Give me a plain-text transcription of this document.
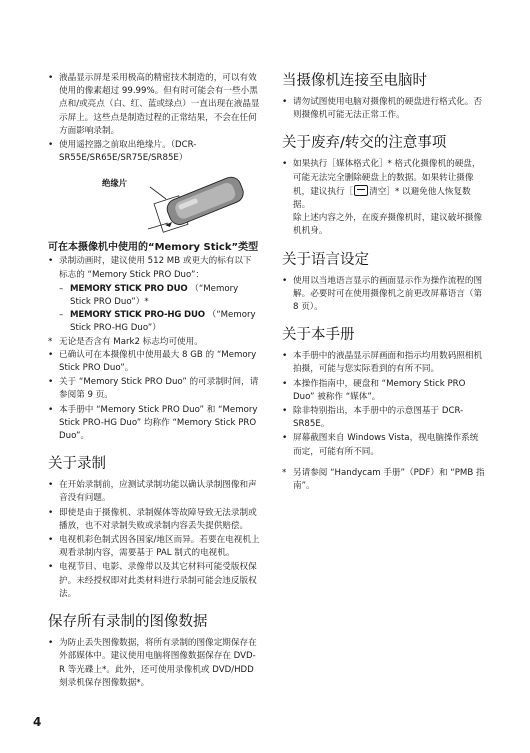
• 液晶显示屏是采用极高的精密技术制造的，可以有效使用的像素超过 99.99%。但有时可能会有一些小黑点和/或亮点（白、红、蓝或绿点）一直出现在液晶显示屏上。这些点是制造过程的正常结果，不会在任何方面影响录制。
• 使用遥控器之前取出绝缘片。（DCR-SR55E/SR65E/SR75E/SR85E）
绝缘片
可在本摄像机中使用的“Memory Stick”类型
• 录制动画时，建议使用 512 MB 或更大的标有以下标志的 “Memory Stick PRO Duo”：
– MEMORY STICK PRO DUO （“Memory Stick PRO Duo”）*
– MEMORY STICK PRO-HG DUO （“Memory Stick PRO-HG Duo”）
* 无论是否含有 Mark2 标志均可使用。
• 已确认可在本摄像机中使用最大 8 GB 的 “Memory Stick PRO Duo”。
• 关于 “Memory Stick PRO Duo” 的可录制时间，请参阅第 9 页。
• 本手册中 “Memory Stick PRO Duo” 和 “Memory Stick PRO-HG Duo” 均称作 “Memory Stick PRO Duo”。
关于录制
• 在开始录制前，应测试录制功能以确认录制图像和声音没有问题。
• 即使是由于摄像机、录制媒体等故障导致无法录制或播放，也不对录制失败或录制内容丢失提供赔偿。
• 电视机彩色制式因各国家/地区而异。若要在电视机上观看录制内容，需要基于 PAL 制式的电视机。
• 电视节目、电影、录像带以及其它材料可能受版权保护。未经授权即对此类材料进行录制可能会违反版权法。
保存所有录制的图像数据
• 为防止丢失图像数据，将所有录制的图像定期保存在外部媒体中。建议使用电脑将图像数据保存在 DVD-R 等光碟上*。此外，还可使用录像机或 DVD/HDD 刻录机保存图像数据*。
当摄像机连接至电脑时
• 请勿试图使用电脑对摄像机的硬盘进行格式化。否则摄像机可能无法正常工作。
关于废弃/转交的注意事项
• 如果执行［媒体格式化］* 格式化摄像机的硬盘，可能无法完全删除硬盘上的数据。如果转让摄像机，建议执行［ 清空］* 以避免他人恢复数据。
除上述内容之外，在废弃摄像机时，建议破坏摄像机机身。
关于语言设定
• 使用以当地语言显示的画面显示作为操作流程的图解。必要时可在使用摄像机之前更改屏幕语言（第 8 页）。
关于本手册
• 本手册中的液晶显示屏画面和指示均用数码照相机拍摄，可能与您实际看到的有所不同。
• 本操作指南中，硬盘和 “Memory Stick PRO Duo” 被称作 “媒体”。
• 除非特别指出，本手册中的示意图基于 DCR-SR85E。
• 屏幕截图来自 Windows Vista，视电脑操作系统而定，可能有所不同。
* 另请参阅 “Handycam 手册”（PDF）和 “PMB 指南”。
4
